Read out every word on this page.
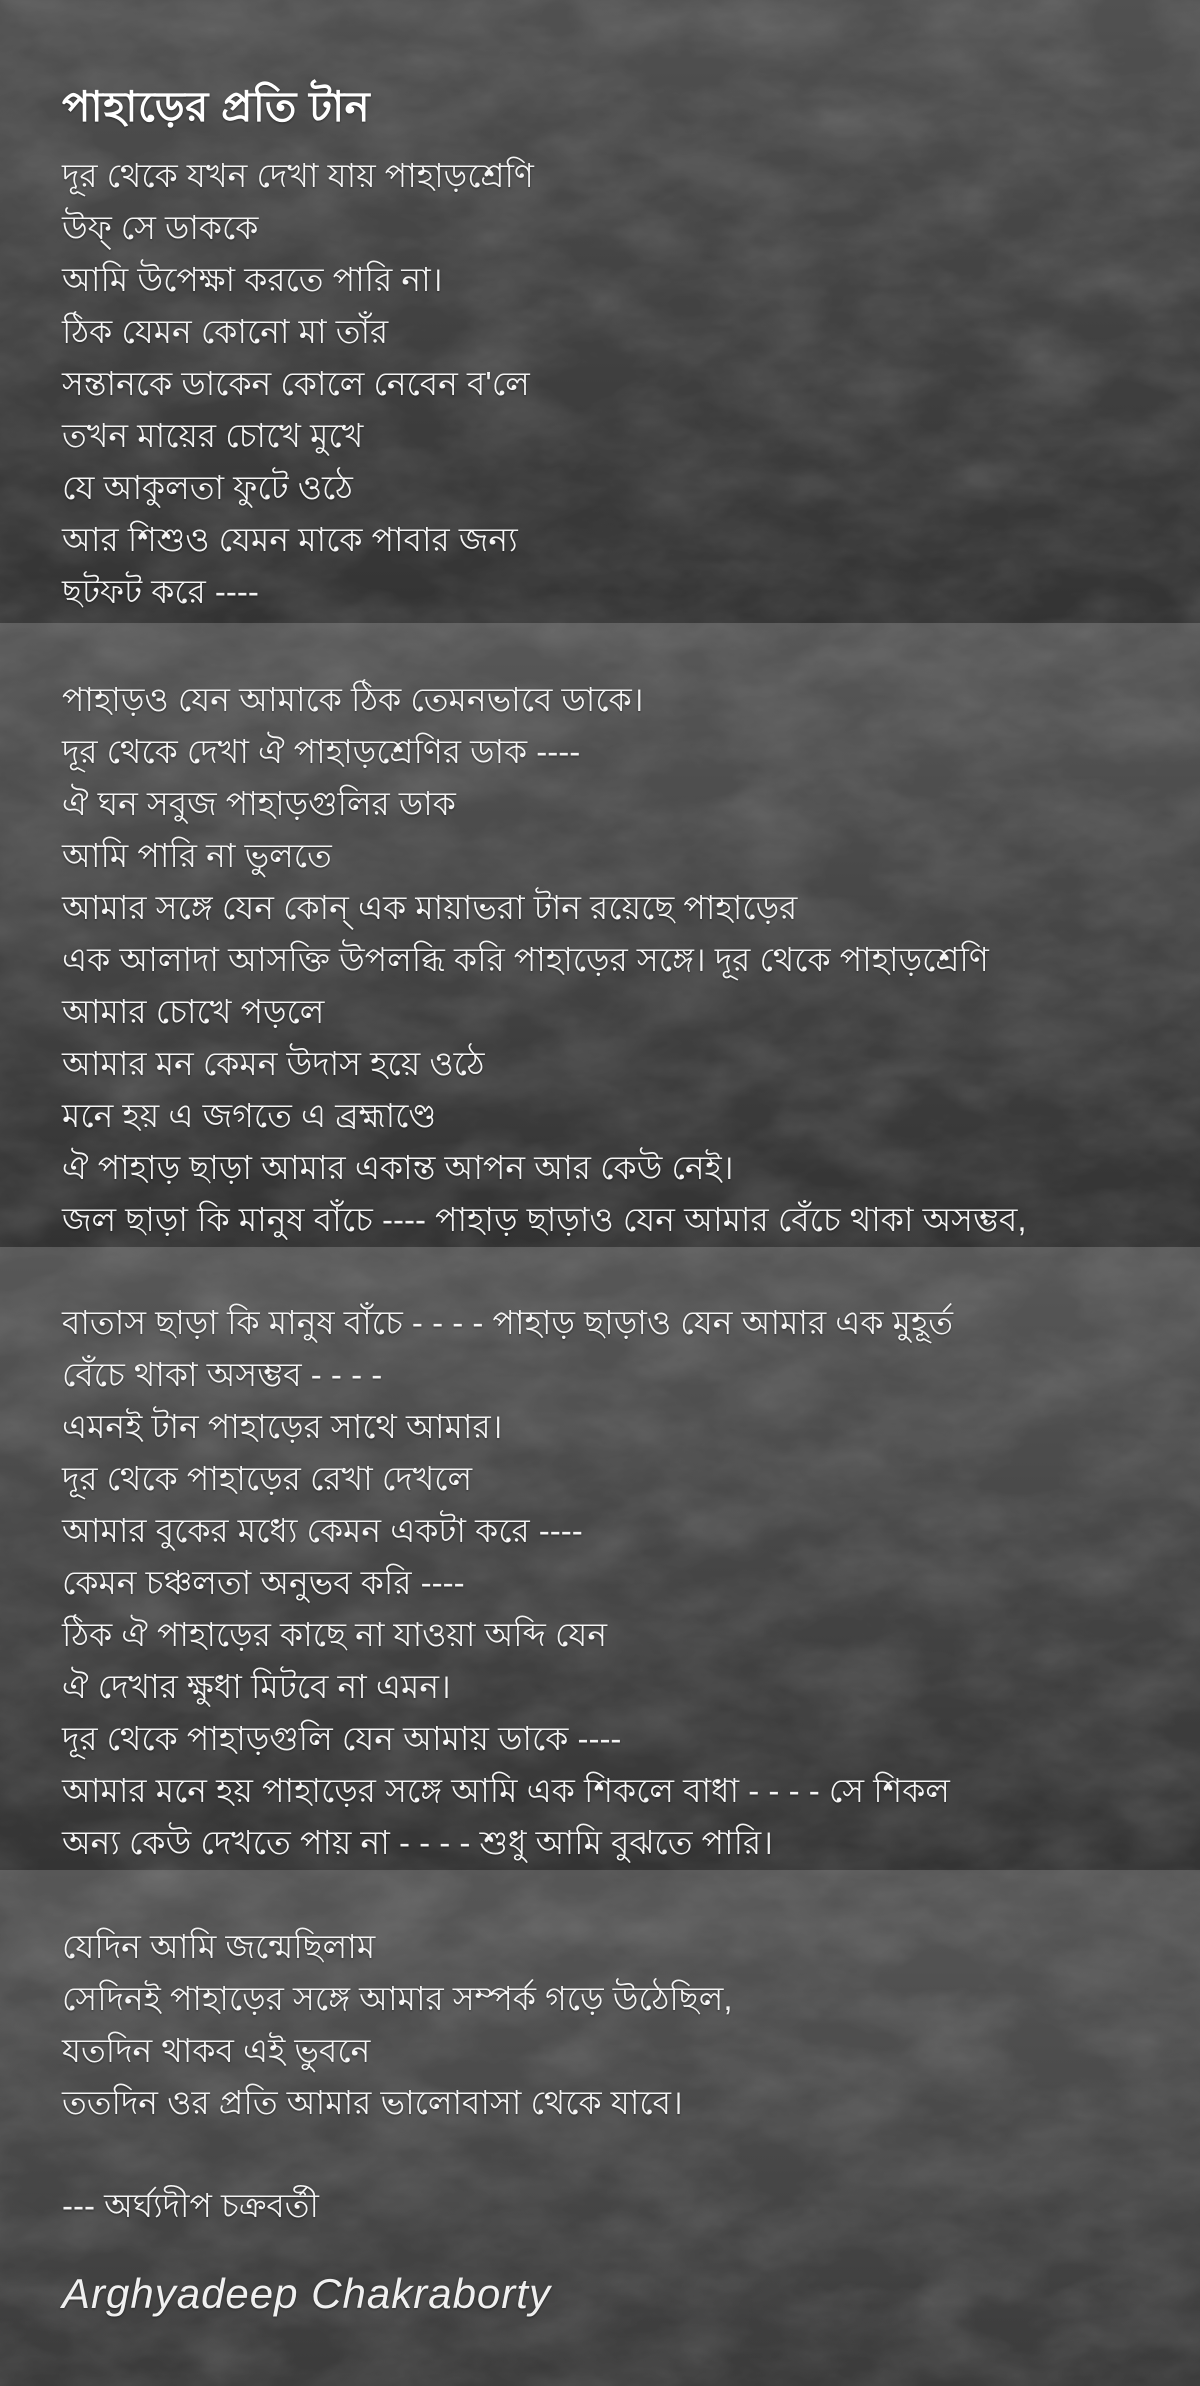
পাহাড়ের প্রতি টান
দূর থেকে যখন দেখা যায় পাহাড়শ্রেণি
উফ্ সে ডাককে
আমি উপেক্ষা করতে পারি না।
ঠিক যেমন কোনো মা তাঁর
সন্তানকে ডাকেন কোলে নেবেন ব'লে
তখন মায়ের চোখে মুখে
যে আকুলতা ফুটে ওঠে
আর শিশুও যেমন মাকে পাবার জন্য
ছটফট করে ----
পাহাড়ও যেন আমাকে ঠিক তেমনভাবে ডাকে।
দূর থেকে দেখা ঐ পাহাড়শ্রেণির ডাক ----
ঐ ঘন সবুজ পাহাড়গুলির ডাক
আমি পারি না ভুলতে
আমার সঙ্গে যেন কোন্ এক মায়াভরা টান রয়েছে পাহাড়ের
এক আলাদা আসক্তি উপলব্ধি করি পাহাড়ের সঙ্গে। দূর থেকে পাহাড়শ্রেণি
আমার চোখে পড়লে
আমার মন কেমন উদাস হয়ে ওঠে
মনে হয় এ জগতে এ ব্রহ্মাণ্ডে
ঐ পাহাড় ছাড়া আমার একান্ত আপন আর কেউ নেই।
জল ছাড়া কি মানুষ বাঁচে ---- পাহাড় ছাড়াও যেন আমার বেঁচে থাকা অসম্ভব,
বাতাস ছাড়া কি মানুষ বাঁচে - - - - পাহাড় ছাড়াও যেন আমার এক মুহূর্ত
বেঁচে থাকা অসম্ভব - - - -
এমনই টান পাহাড়ের সাথে আমার।
দূর থেকে পাহাড়ের রেখা দেখলে
আমার বুকের মধ্যে কেমন একটা করে ----
কেমন চঞ্চলতা অনুভব করি ----
ঠিক ঐ পাহাড়ের কাছে না যাওয়া অব্দি যেন
ঐ দেখার ক্ষুধা মিটবে না এমন।
দূর থেকে পাহাড়গুলি যেন আমায় ডাকে ----
আমার মনে হয় পাহাড়ের সঙ্গে আমি এক শিকলে বাধা - - - - সে শিকল
অন্য কেউ দেখতে পায় না - - - - শুধু আমি বুঝতে পারি।
যেদিন আমি জন্মেছিলাম
সেদিনই পাহাড়ের সঙ্গে আমার সম্পর্ক গড়ে উঠেছিল,
যতদিন থাকব এই ভুবনে
ততদিন ওর প্রতি আমার ভালোবাসা থেকে যাবে।
--- অর্ঘ্যদীপ চক্রবর্তী
Arghyadeep Chakraborty
